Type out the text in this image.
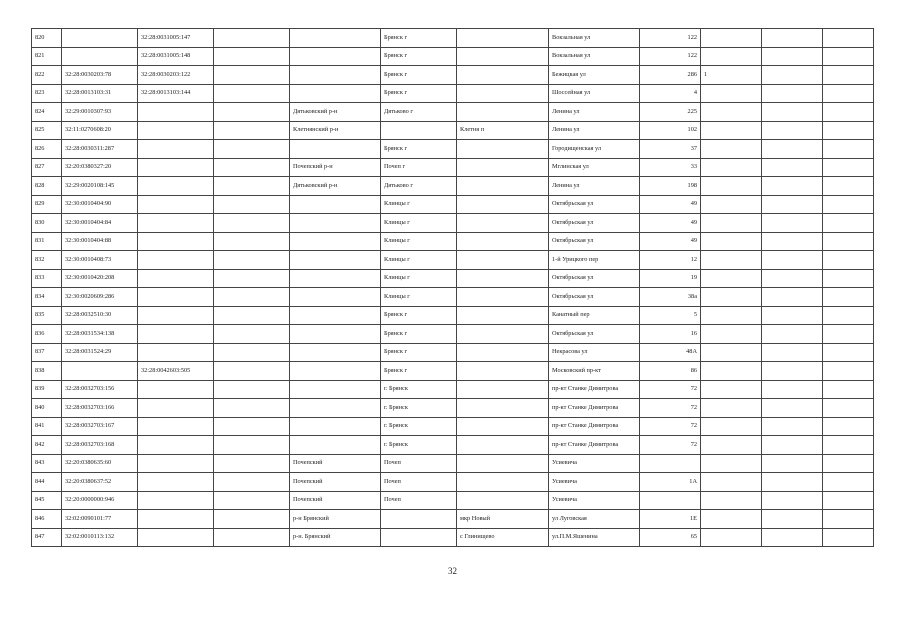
820		32:28:0031005:147			Брянск г		Вокзальная ул	122			
821		32:28:0031005:148			Брянск г		Вокзальная ул	122			
822	32:28:0030203:78	32:28:0030203:122			Брянск г		Бежицкая ул	286	1		
823	32:28:0013103:31	32:28:0013103:144			Брянск г		Шоссейная ул	4			
824	32:29:0010307:93			Дятьковский р-н	Дятьково г		Ленина ул	225			
825	32:11:0270608:20			Клетнянский р-н		Клетня п	Ленина ул	102			
826	32:28:0030311:287				Брянск г		Городищенская ул	37			
827	32:20:0380327:20			Почепский р-н	Почеп г		Мглинская ул	33			
828	32:29:0020108:145			Дятьковский р-н	Дятьково г		Ленина ул	198			
829	32:30:0010404:90				Клинцы г		Октябрьская ул	49			
830	32:30:0010404:84				Клинцы г		Октябрьская ул	49			
831	32:30:0010404:88				Клинцы г		Октябрьская ул	49			
832	32:30:0010408:73				Клинцы г		1-й Урицкого пер	12			
833	32:30:0010420:208				Клинцы г		Октябрьская ул	19			
834	32:30:0020609:286				Клинцы г		Октябрьская ул	38а			
835	32:28:0032510:30				Брянск г		Канатный пер	5			
836	32:28:0031534:138				Брянск г		Октябрьская ул	16			
837	32:28:0031524:29				Брянск г		Некрасова ул	48А			
838		32:28:0042603:505			Брянск г		Московский пр-кт	86			
839	32:28:0032703:156				г. Брянск		пр-кт Станке Димитрова	72			
840	32:28:0032703:166				г. Брянск		пр-кт Станке Димитрова	72			
841	32:28:0032703:167				г. Брянск		пр-кт Станке Димитрова	72			
842	32:28:0032703:168				г. Брянск		пр-кт Станке Димитрова	72			
843	32:20:0380635:60			Почепский	Почеп		Усиевича				
844	32:20:0380637:52			Почепский	Почеп		Усиевича	1А			
845	32:20:0000000:946			Почепский	Почеп		Усиевича				
846	32:02:0090101:77			р-н Брянский		мкр Новый	ул Луговская	1Е			
847	32:02:0010113:132			р-н. Брянский		с Глинищево	ул.П.М.Яшенина	65			
32
